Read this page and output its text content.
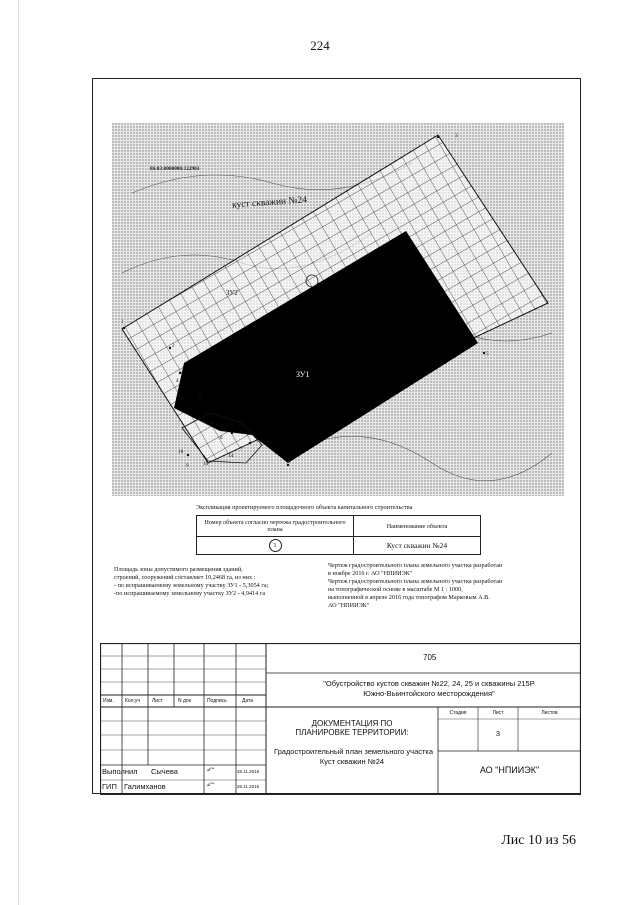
224
86:03:0000000:122903
куст скважин №24
ЗУ2
ЗУ1
1
2
3
4
5
6
7
8
9
10
11
12
13
14
15
Экспликация проектируемого площадочного объекта капитального строительства
Номер объекта согласно чертежа градостроительного плана	Наименование объекта
1	Куст скважин №24
Площадь зоны допустимого размещения зданий,
строений, сооружений составляет 10,2468 га, из них :
- по испрашиваемому земельному участку ЗУ1 - 5,3054 га;
-по испрашиваемому земельному участку ЗУ2 - 4,9414 га
Чертеж градостроительного плана земельного участка разработан
в ноябре 2016 г. АО "НПИИЭК"
Чертеж градостроительного плана земельного участка разработан
на топографической основе в масштабе М 1 : 1000,
выполненной в апреле 2016 года топографом Марковым А.В.
АО "НПИИЭК"
705
"Обустройство кустов скважин №22, 24, 25 и скважины 215Р
Южно-Выинтойского месторождения"
Изм. Кол.уч Лист	N док	Подпись	Дата
ДОКУМЕНТАЦИЯ ПО
ПЛАНИРОВКЕ ТЕРРИТОРИИ:
Градостроительный план земельного участка
Куст скважин №24
Стадия	Лист	Листов
3
Выполнил Сычева	𝓈~	26.11.2016
ГИП Галимханов	𝓈~	26.11.2016
АО "НПИИЭК"
Лис 10 из 56
